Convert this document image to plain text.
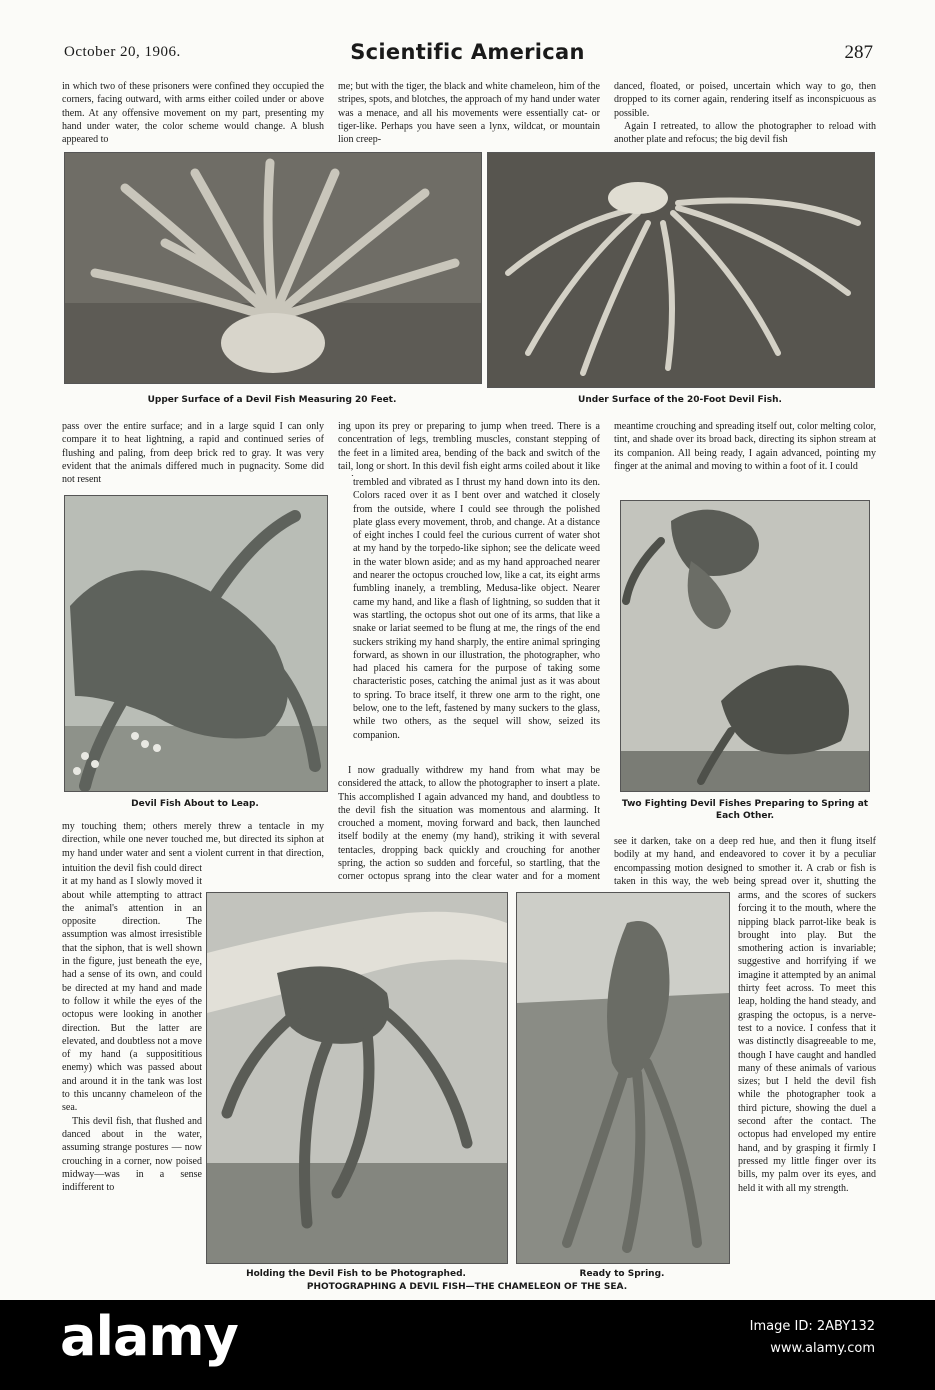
October 20, 1906.	Scientific American	287

in which two of these prisoners were confined they occupied the corners, facing outward, with arms either coiled under or above them. At any offensive movement on my part, presenting my hand under water, the color scheme would change. A blush appeared to

me; but with the tiger, the black and white chameleon, him of the stripes, spots, and blotches, the approach of my hand under water was a menace, and all his movements were essentially cat- or tiger-like. Perhaps you have seen a lynx, wildcat, or mountain lion creep-

danced, floated, or poised, uncertain which way to go, then dropped to its corner again, rendering itself as inconspicuous as possible.

Again I retreated, to allow the photographer to reload with another plate and refocus; the big devil fish

Upper Surface of a Devil Fish Measuring 20 Feet.	Under Surface of the 20-Foot Devil Fish.

pass over the entire surface; and in a large squid I can only compare it to heat lightning, a rapid and continued series of flushing and paling, from deep brick red to gray. It was very evident that the animals differed much in pugnacity. Some did not resent

Devil Fish About to Leap.

my touching them; others merely threw a tentacle in my direction, while one never touched me, but directed its siphon at my hand under water and sent a violent current in that direction,

intuition the devil fish could direct it at my hand as I slowly moved it about while attempting to attract the animal's attention in an opposite direction. The assumption was almost irresistible that the siphon, that is well shown in the figure, just beneath the eye, had a sense of its own, and could be directed at my hand and made to follow it while the eyes of the octopus were looking in another direction. But the latter are elevated, and doubtless not a move of my hand (a supposititious enemy) which was passed about and around it in the tank was lost to this uncanny chameleon of the sea.

This devil fish, that flushed and danced about in the water, assuming strange postures — now crouching in a corner, now poised midway—was in a sense indifferent to

ing upon its prey or preparing to jump when treed. There is a concentration of legs, trembling muscles, constant stepping of the feet in a limited area, bending of the back and switch of the tail, long or short. In this devil fish eight arms coiled about it like

trembled and vibrated as I thrust my hand down into its den. Colors raced over it as I bent over and watched it closely from the outside, where I could see through the polished plate glass every movement, throb, and change. At a distance of eight inches I could feel the curious current of water shot at my hand by the torpedo-like siphon; see the delicate weed in the water blown aside; and as my hand approached nearer and nearer the octopus crouched low, like a cat, its eight arms fumbling inanely, a trembling, Medusa-like object. Nearer came my hand, and like a flash of lightning, so sudden that it was startling, the octopus shot out one of its arms, that like a snake or lariat seemed to be flung at me, the rings of the end suckers striking my hand sharply, the entire animal springing forward, as shown in our illustration, the photographer, who had placed his camera for the purpose of taking some characteristic poses, catching the animal just as it was about to spring. To brace itself, it threw one arm to the right, one below, one to the left, fastened by many suckers to the glass, while two others, as the sequel will show, seized its companion.

I now gradually withdrew my hand from what may be considered the attack, to allow the photographer to insert a plate. This accomplished I again advanced my hand, and doubtless to the devil fish the situation was momentous and alarming. It crouched a moment, moving forward and back, then launched itself bodily at the enemy (my hand), striking it with several tentacles, dropping back quickly and crouching for another spring, the action so sudden and forceful, so startling, that the corner octopus sprang into the clear water and for a moment

meantime crouching and spreading itself out, color melting color, tint, and shade over its broad back, directing its siphon stream at its companion. All being ready, I again advanced, pointing my finger at the animal and moving to within a foot of it. I could

Two Fighting Devil Fishes Preparing to Spring at Each Other.

see it darken, take on a deep red hue, and then it flung itself bodily at my hand, and endeavored to cover it by a peculiar encompassing motion designed to smother it. A crab or fish is taken in this way, the web being spread over it, shutting the

arms, and the scores of suckers forcing it to the mouth, where the nipping black parrot-like beak is brought into play. But the smothering action is invariable; suggestive and horrifying if we imagine it attempted by an animal thirty feet across. To meet this leap, holding the hand steady, and grasping the octopus, is a nerve-test to a novice. I confess that it was distinctly disagreeable to me, though I have caught and handled many of these animals of various sizes; but I held the devil fish while the photographer took a third picture, showing the duel a second after the contact. The octopus had enveloped my entire hand, and by grasping it firmly I pressed my little finger over its bills, my palm over its eyes, and held it with all my strength.

Holding the Devil Fish to be Photographed.	Ready to Spring.
PHOTOGRAPHING A DEVIL FISH—THE CHAMELEON OF THE SEA.
alamy	Image ID: 2ABY132
www.alamy.com
